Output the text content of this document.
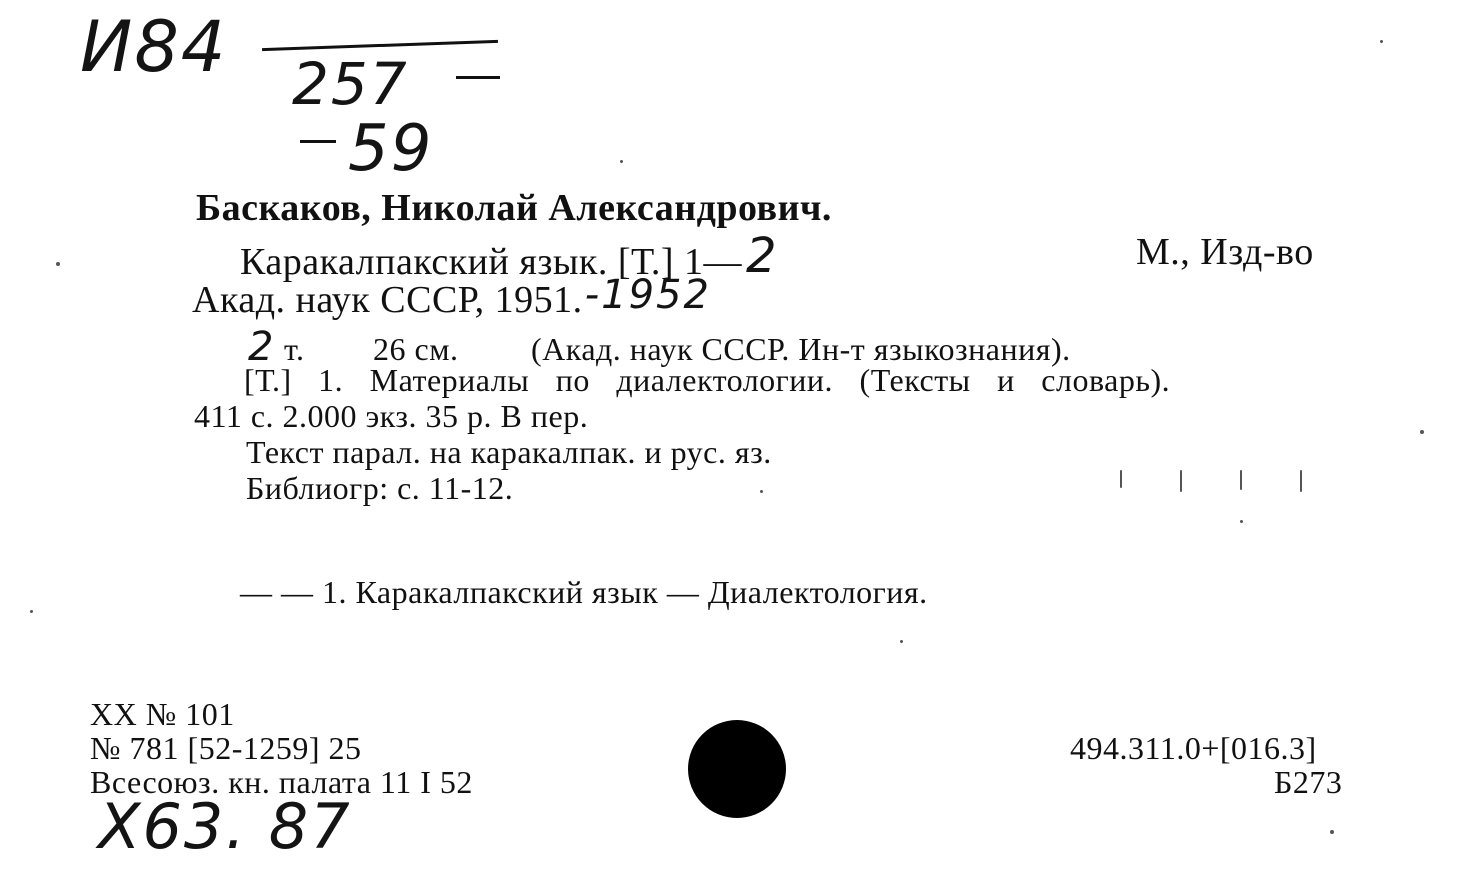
И84 257
59
Баскаков, Николай Александрович.
Каракалпакский язык. [Т.] 1—2	М., Изд-во
Акад. наук СССР, 1951.-1952
2 т. 26 см. (Акад. наук СССР. Ин-т языкознания).
[Т.] 1. Материалы по диалектологии. (Тексты и словарь).
411 с. 2.000 экз. 35 р. В пер.
Текст парал. на каракалпак. и рус. яз.
Библиогр: с. 11-12.
— — 1. Каракалпакский язык — Диалектология.
XX № 101
№ 781 [52-1259] 25
Всесоюз. кн. палата 11 I 52
Х63. 87
494.311.0+[016.3]
Б273
